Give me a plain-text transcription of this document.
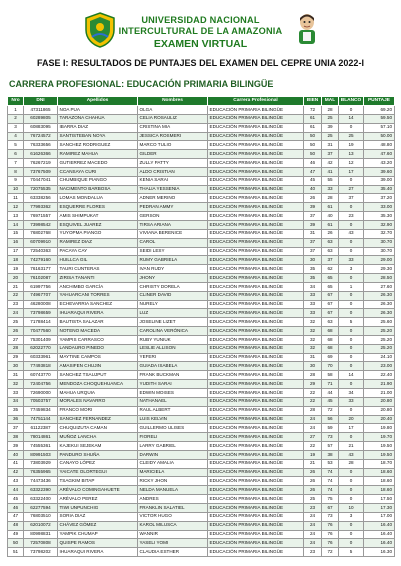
UNIVERSIDAD NACIONAL
INTERCULTURAL DE LA AMAZONIA
EXAMEN VIRTUAL
FASE I: RESULTADOS DE PUNTAJES DEL EXAMEN DEL CEPRE UNIA 2022-I
CARRERA PROFESIONAL: EDUCACIÓN PRIMARIA BILINGÜE
Nro	DNI	Apellidos	Nombres	Carrera Profesional	BIEN	MAL	BLANCO	PUNTAJE
1	47311865	NOA PUA	OLGA	EDUCACIÓN PRIMARIA BILINGÜE	72	28	0	69.20
2	60289805	TARAZONA CHAHUA	CELIA ROSAULIZ	EDUCACIÓN PRIMARIA BILINGÜE	61	25	14	59.50
3	60883095	IBARRA DIAZ	CRISTINA MIA	EDUCACIÓN PRIMARIA BILINGÜE	61	39	0	57.10
4	76724572	SANTISTEBAN NOYA	JESSICA ROSMERI	EDUCACIÓN PRIMARIA BILINGÜE	50	25	25	50.00
5	76333656	SANCHEZ RODRIGUEZ	MARCO TULIO	EDUCACIÓN PRIMARIA BILINGÜE	50	31	19	48.80
6	61626366	RAMIREZ MAHUA	GILDER	EDUCACIÓN PRIMARIA BILINGÜE	50	37	13	47.60
7	76267219	GUTIERREZ MACEDO	ZULLY PATTY	EDUCACIÓN PRIMARIA BILINGÜE	46	42	12	43.20
8	73767509	CCANSAYA CURI	ALDO CRISTIAN	EDUCACIÓN PRIMARIA BILINGÜE	47	41	17	39.60
9	70447041	CHUMBIQUE PIANGO	KENIA SARAI	EDUCACIÓN PRIMARIA BILINGÜE	45	55	0	39.00
10	72075535	NACIMENTO BARBOSA	THALIA YESSENIA	EDUCACIÓN PRIMARIA BILINGÜE	40	33	27	35.40
11	63338256	LOMAS MONDALUA	ADNER MERINO	EDUCACIÓN PRIMARIA BILINGÜE	26	28	37	37.20
12	77993362	ESQUERRE FLORES	PEDRAN AMMY	EDUCACIÓN PRIMARIA BILINGÜE	39	61	0	33.00
13	76971557	AMIS SHIMPUKAT	GERSON	EDUCACIÓN PRIMARIA BILINGÜE	37	40	23	35.30
14	73998542	ESQUIVEL JUAREZ	TIRSA ARIANA	EDUCACIÓN PRIMARIA BILINGÜE	39	61	0	32.90
15	76802768	YUYOPMA PIANGO	VIVIANA BERENICE	EDUCACIÓN PRIMARIA BILINGÜE	31	26	43	32.70
16	60709910	RAMIREZ DIAZ	CAROL	EDUCACIÓN PRIMARIA BILINGÜE	37	63	0	30.70
17	72540363	PACAYA CAY	SEIDI LESY	EDUCACIÓN PRIMARIA BILINGÜE	37	63	0	30.70
18	74279160	HUILLCA GIL	RUMY GABRIELA	EDUCACIÓN PRIMARIA BILINGÜE	30	37	33	29.00
19	76163177	TAURI CUNTERAS	IVAN RUDY	EDUCACIÓN PRIMARIA BILINGÜE	35	62	3	29.30
20	76102087	ZIRISA TANANTI	JHONY	EDUCACIÓN PRIMARIA BILINGÜE	35	65	0	28.50
21	61997756	ANCHIMBO GARCÍA	CHRISTY DORELA	EDUCACIÓN PRIMARIA BILINGÜE	34	65	1	27.60
22	74967707	YAHUARCANI TORRES	CLINER DAVID	EDUCACIÓN PRIMARIA BILINGÜE	33	67	0	26.30
23	46280008	ECHEVARRIA SANCHEZ	NURELY	EDUCACIÓN PRIMARIA BILINGÜE	33	67	0	26.30
24	73798659	IHUARAQUI RIVERA	LUZ	EDUCACIÓN PRIMARIA BILINGÜE	33	67	0	26.30
25	71788414	BAUTISTA SALAZAR	JOSELINE LIZET	EDUCACIÓN PRIMARIA BILINGÜE	32	63	5	25.60
26	70477560	NOTENO MACEDA	CAROLINA VERÓNICA	EDUCACIÓN PRIMARIA BILINGÜE	32	68	0	25.20
27	75301409	YAMPIS CARRASCO	RUBY YUNIUK	EDUCACIÓN PRIMARIA BILINGÜE	32	68	0	25.20
28	62022770	LANDAURO PINEDO	LESLIE ALLISON	EDUCACIÓN PRIMARIA BILINGÜE	32	68	0	25.20
29	60333961	MAYTINE CAMPOS	YEFERI	EDUCACIÓN PRIMARIA BILINGÜE	31	69	0	24.10
30	77493818	AMASIFEN CHUJIN	GUIADA ISABELA	EDUCACIÓN PRIMARIA BILINGÜE	30	70	0	23.00
31	60743770	SANCHEZ TSAUJPUT	FRANK BUCKMAN	EDUCACIÓN PRIMARIA BILINGÜE	28	58	14	22.40
32	72404756	MENDOZA CHOQUEHUANCA	YUDITH SARAI	EDUCACIÓN PRIMARIA BILINGÜE	29	71	0	21.90
33	72690000	MAHUA URQUIA	EDWIN MOISES	EDUCACIÓN PRIMARIA BILINGÜE	22	44	34	21.00
34	70503757	MORALES NAVARRO	NATHANAEL	EDUCACIÓN PRIMARIA BILINGÜE	22	45	33	20.80
35	77459834	FRANCO MORI	RAUL ALBERT	EDUCACIÓN PRIMARIA BILINGÜE	28	72	0	20.80
36	74751144	SANCHEZ FERNANDEZ	LUIS KELVIN	EDUCACIÓN PRIMARIA BILINGÜE	24	56	20	20.40
37	61122387	CHUQUIZUTA CAMAN	GUILLERMO ULISES	EDUCACIÓN PRIMARIA BILINGÜE	24	59	17	19.80
38	78014861	MUÑOZ LANCHA	FIORELI	EDUCACIÓN PRIMARIA BILINGÜE	27	73	0	19.70
39	74555361	KAJEKUI SEJEKAM	LARRY GABRIEL	EDUCACIÓN PRIMARIA BILINGÜE	22	57	21	19.50
40	80991503	PANDURO SHUÑA	DARWIN	EDUCACIÓN PRIMARIA BILINGÜE	19	38	43	19.50
41	73803929	CANAYO LÓPEZ	CLEIDY AMALIA	EDUCACIÓN PRIMARIA BILINGÜE	21	53	28	18.70
42	76355965	YAICATE OLORTEGUI	MARICIELA	EDUCACIÓN PRIMARIA BILINGÜE	26	74	0	18.60
43	74473436	TSAGKIM BITAP	RICKY JHON	EDUCACIÓN PRIMARIA BILINGÜE	26	74	0	18.60
44	63322390	ARÉVALO COMINGAHUETE	NELDA MANUELA	EDUCACIÓN PRIMARIA BILINGÜE	26	74	0	18.60
45	63322400	ARÉVALO PEREZ	ANDRES	EDUCACIÓN PRIMARIA BILINGÜE	25	75	0	17.50
46	62277594	TIWI UNPUNCHIG	FRANKLIN SALATIEL	EDUCACIÓN PRIMARIA BILINGÜE	23	67	10	17.30
47	76803510	SORIA DIAZ	VICTOR HUGO	EDUCACIÓN PRIMARIA BILINGÜE	24	73	3	17.00
48	62010072	CHÁVEZ GÓMEZ	KAROL MILUSCA	EDUCACIÓN PRIMARIA BILINGÜE	24	76	0	16.40
49	80998831	YAMPIK CHUMAP	WANNIR	EDUCACIÓN PRIMARIA BILINGÜE	24	76	0	16.40
50	72570808	QUISPE RAMOS	YASELI YOMI	EDUCACIÓN PRIMARIA BILINGÜE	24	76	0	16.40
51	73798202	IHUARAQUI RIVERA	CLAUDIA ESTHER	EDUCACIÓN PRIMARIA BILINGÜE	23	72	5	16.30
